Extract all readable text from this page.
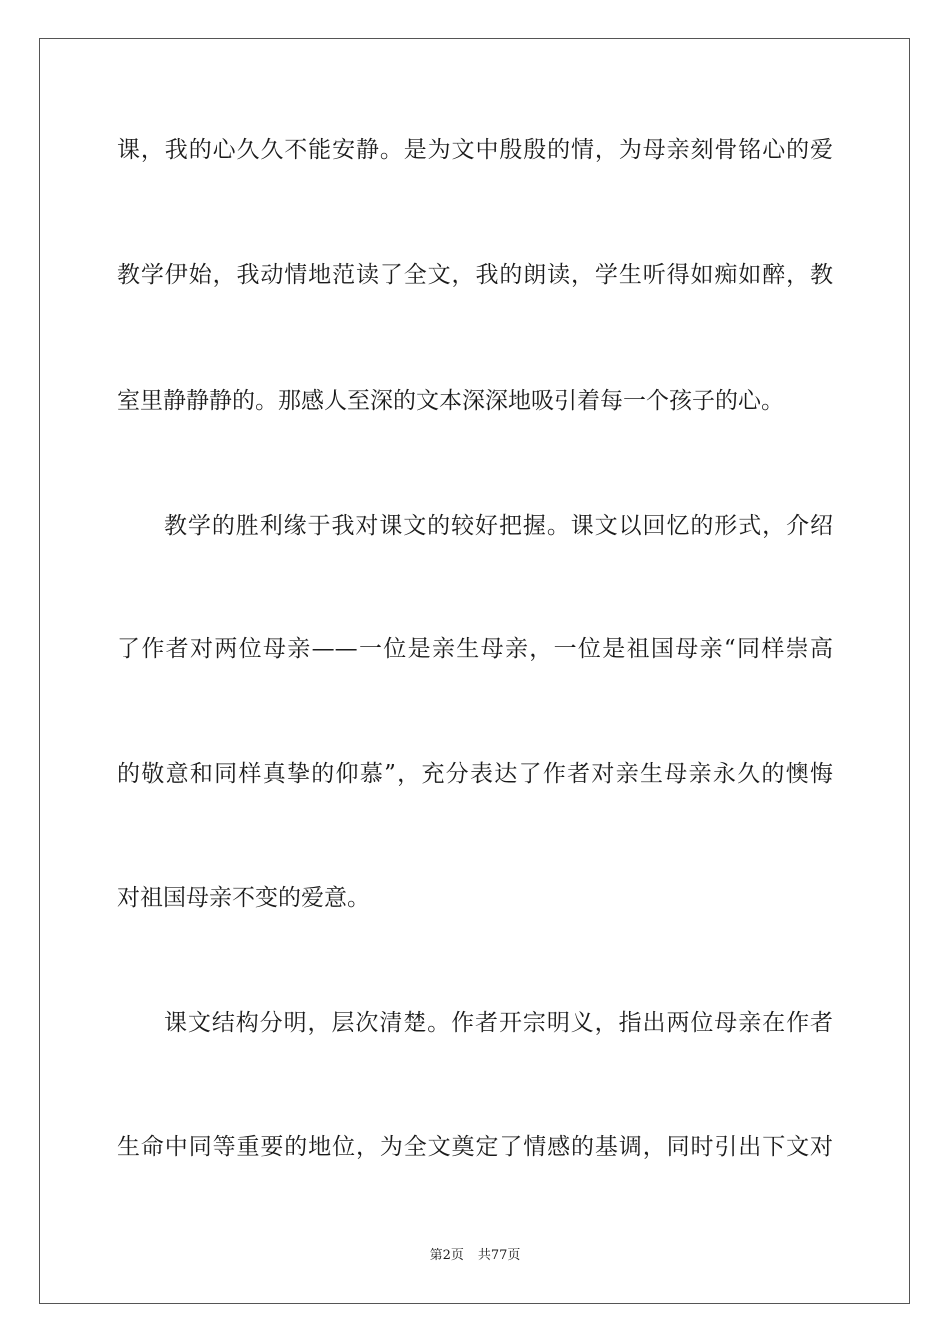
课，我的心久久不能安静。是为文中殷殷的情，为母亲刻骨铭心的爱
教学伊始，我动情地范读了全文，我的朗读，学生听得如痴如醉，教
室里静静静的。那感人至深的文本深深地吸引着每一个孩子的心。
教学的胜利缘于我对课文的较好把握。课文以回忆的形式，介绍
了作者对两位母亲——一位是亲生母亲，一位是祖国母亲“同样崇高
的敬意和同样真挚的仰慕”，充分表达了作者对亲生母亲永久的懊悔
对祖国母亲不变的爱意。
课文结构分明，层次清楚。作者开宗明义，指出两位母亲在作者
生命中同等重要的地位，为全文奠定了情感的基调，同时引出下文对
第2页 共77页
